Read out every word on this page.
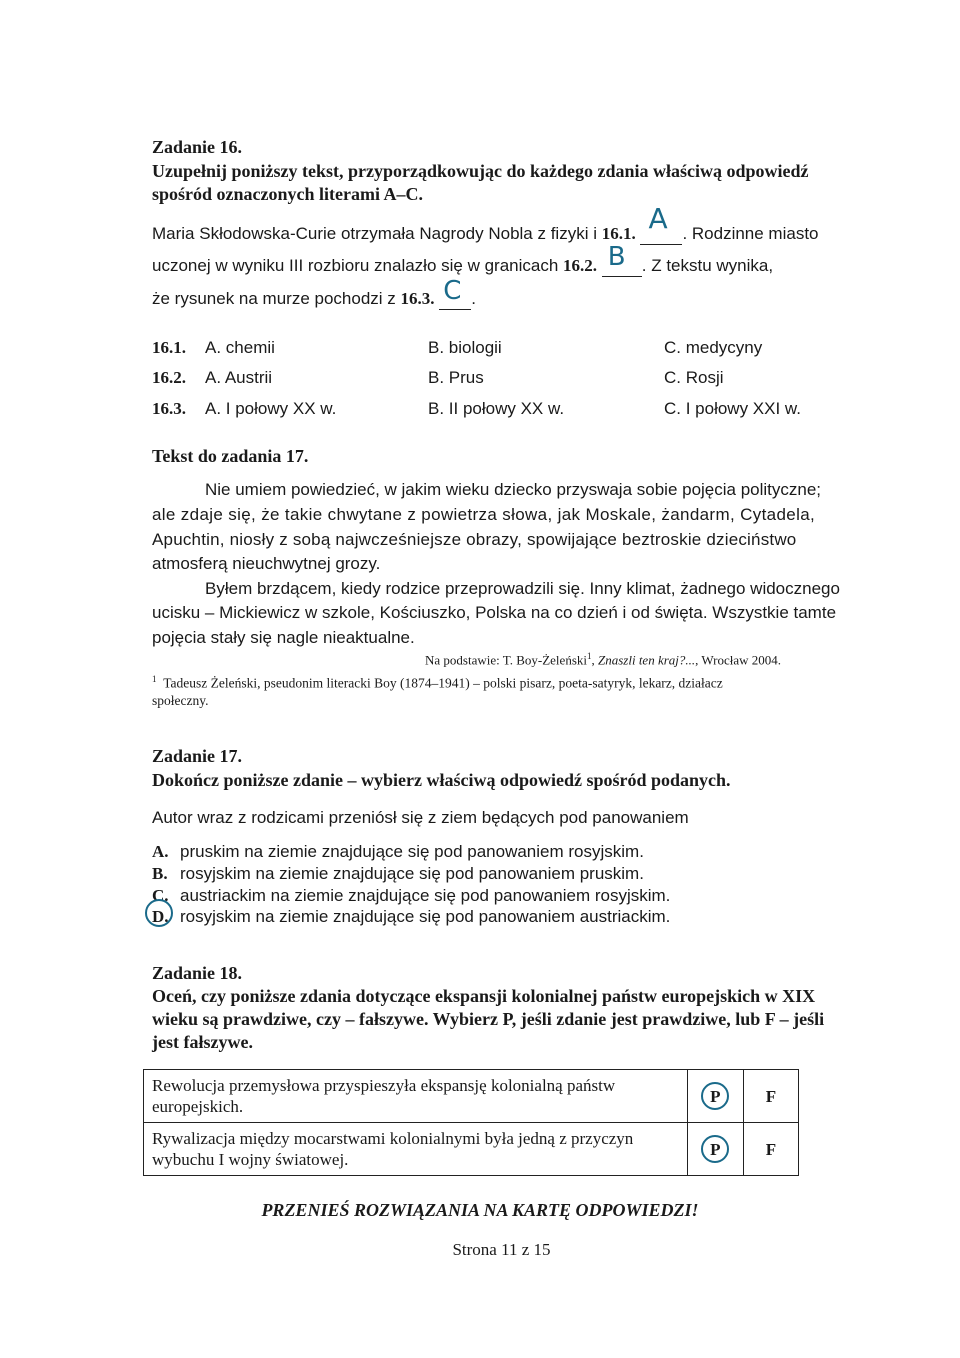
Zadanie 16.
Uzupełnij poniższy tekst, przyporządkowując do każdego zdania właściwą odpowiedź
spośród oznaczonych literami A–C.
Maria Skłodowska-Curie otrzymała Nagrody Nobla z fizyki i 16.1. A . Rodzinne miasto
uczonej w wyniku III rozbioru znalazło się w granicach 16.2. B . Z tekstu wynika,
że rysunek na murze pochodzi z 16.3. C .
16.1. A. chemii	B. biologii	C. medycyny
16.2. A. Austrii	B. Prus	C. Rosji
16.3. A. I połowy XX w.	B. II połowy XX w.	C. I połowy XXI w.
Tekst do zadania 17.
Nie umiem powiedzieć, w jakim wieku dziecko przyswaja sobie pojęcia polityczne;
ale zdaje się, że takie chwytane z powietrza słowa, jak Moskale, żandarm, Cytadela,
Apuchtin, niosły z sobą najwcześniejsze obrazy, spowijające beztroskie dzieciństwo
atmosferą nieuchwytnej grozy.
Byłem brzdącem, kiedy rodzice przeprowadzili się. Inny klimat, żadnego widocznego
ucisku – Mickiewicz w szkole, Kościuszko, Polska na co dzień i od święta. Wszystkie tamte
pojęcia stały się nagle nieaktualne.
Na podstawie: T. Boy-Żeleński$^1$, Znaszli ten kraj?..., Wrocław 2004.
$^1$ Tadeusz Żeleński, pseudonim literacki Boy (1874–1941) – polski pisarz, poeta-satyryk, lekarz, działacz
społeczny.
Zadanie 17.
Dokończ poniższe zdanie – wybierz właściwą odpowiedź spośród podanych.
Autor wraz z rodzicami przeniósł się z ziem będących pod panowaniem
A. pruskim na ziemie znajdujące się pod panowaniem rosyjskim.
B. rosyjskim na ziemie znajdujące się pod panowaniem pruskim.
C. austriackim na ziemie znajdujące się pod panowaniem rosyjskim.
D. rosyjskim na ziemie znajdujące się pod panowaniem austriackim.
Zadanie 18.
Oceń, czy poniższe zdania dotyczące ekspansji kolonialnej państw europejskich w XIX
wieku są prawdziwe, czy – fałszywe. Wybierz P, jeśli zdanie jest prawdziwe, lub F – jeśli
jest fałszywe.
Rewolucja przemysłowa przyspieszyła ekspansję kolonialną państw
europejskich.	P	F

Rywalizacja między mocarstwami kolonialnymi była jedną z przyczyn
wybuchu I wojny światowej.	P	F
PRZENIEŚ ROZWIĄZANIA NA KARTĘ ODPOWIEDZI!
Strona 11 z 15
